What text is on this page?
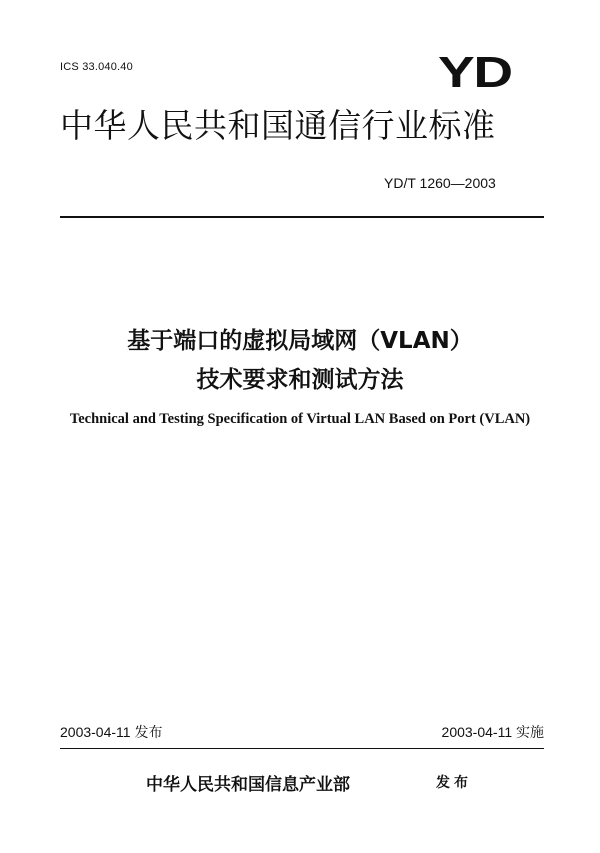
ICS 33.040.40	YD
中华人民共和国通信行业标准
YD/T 1260—2003
基于端口的虚拟局域网（VLAN）
技术要求和测试方法
Technical and Testing Specification of Virtual LAN Based on Port (VLAN)
2003-04-11 发布	2003-04-11 实施
中华人民共和国信息产业部	发布
